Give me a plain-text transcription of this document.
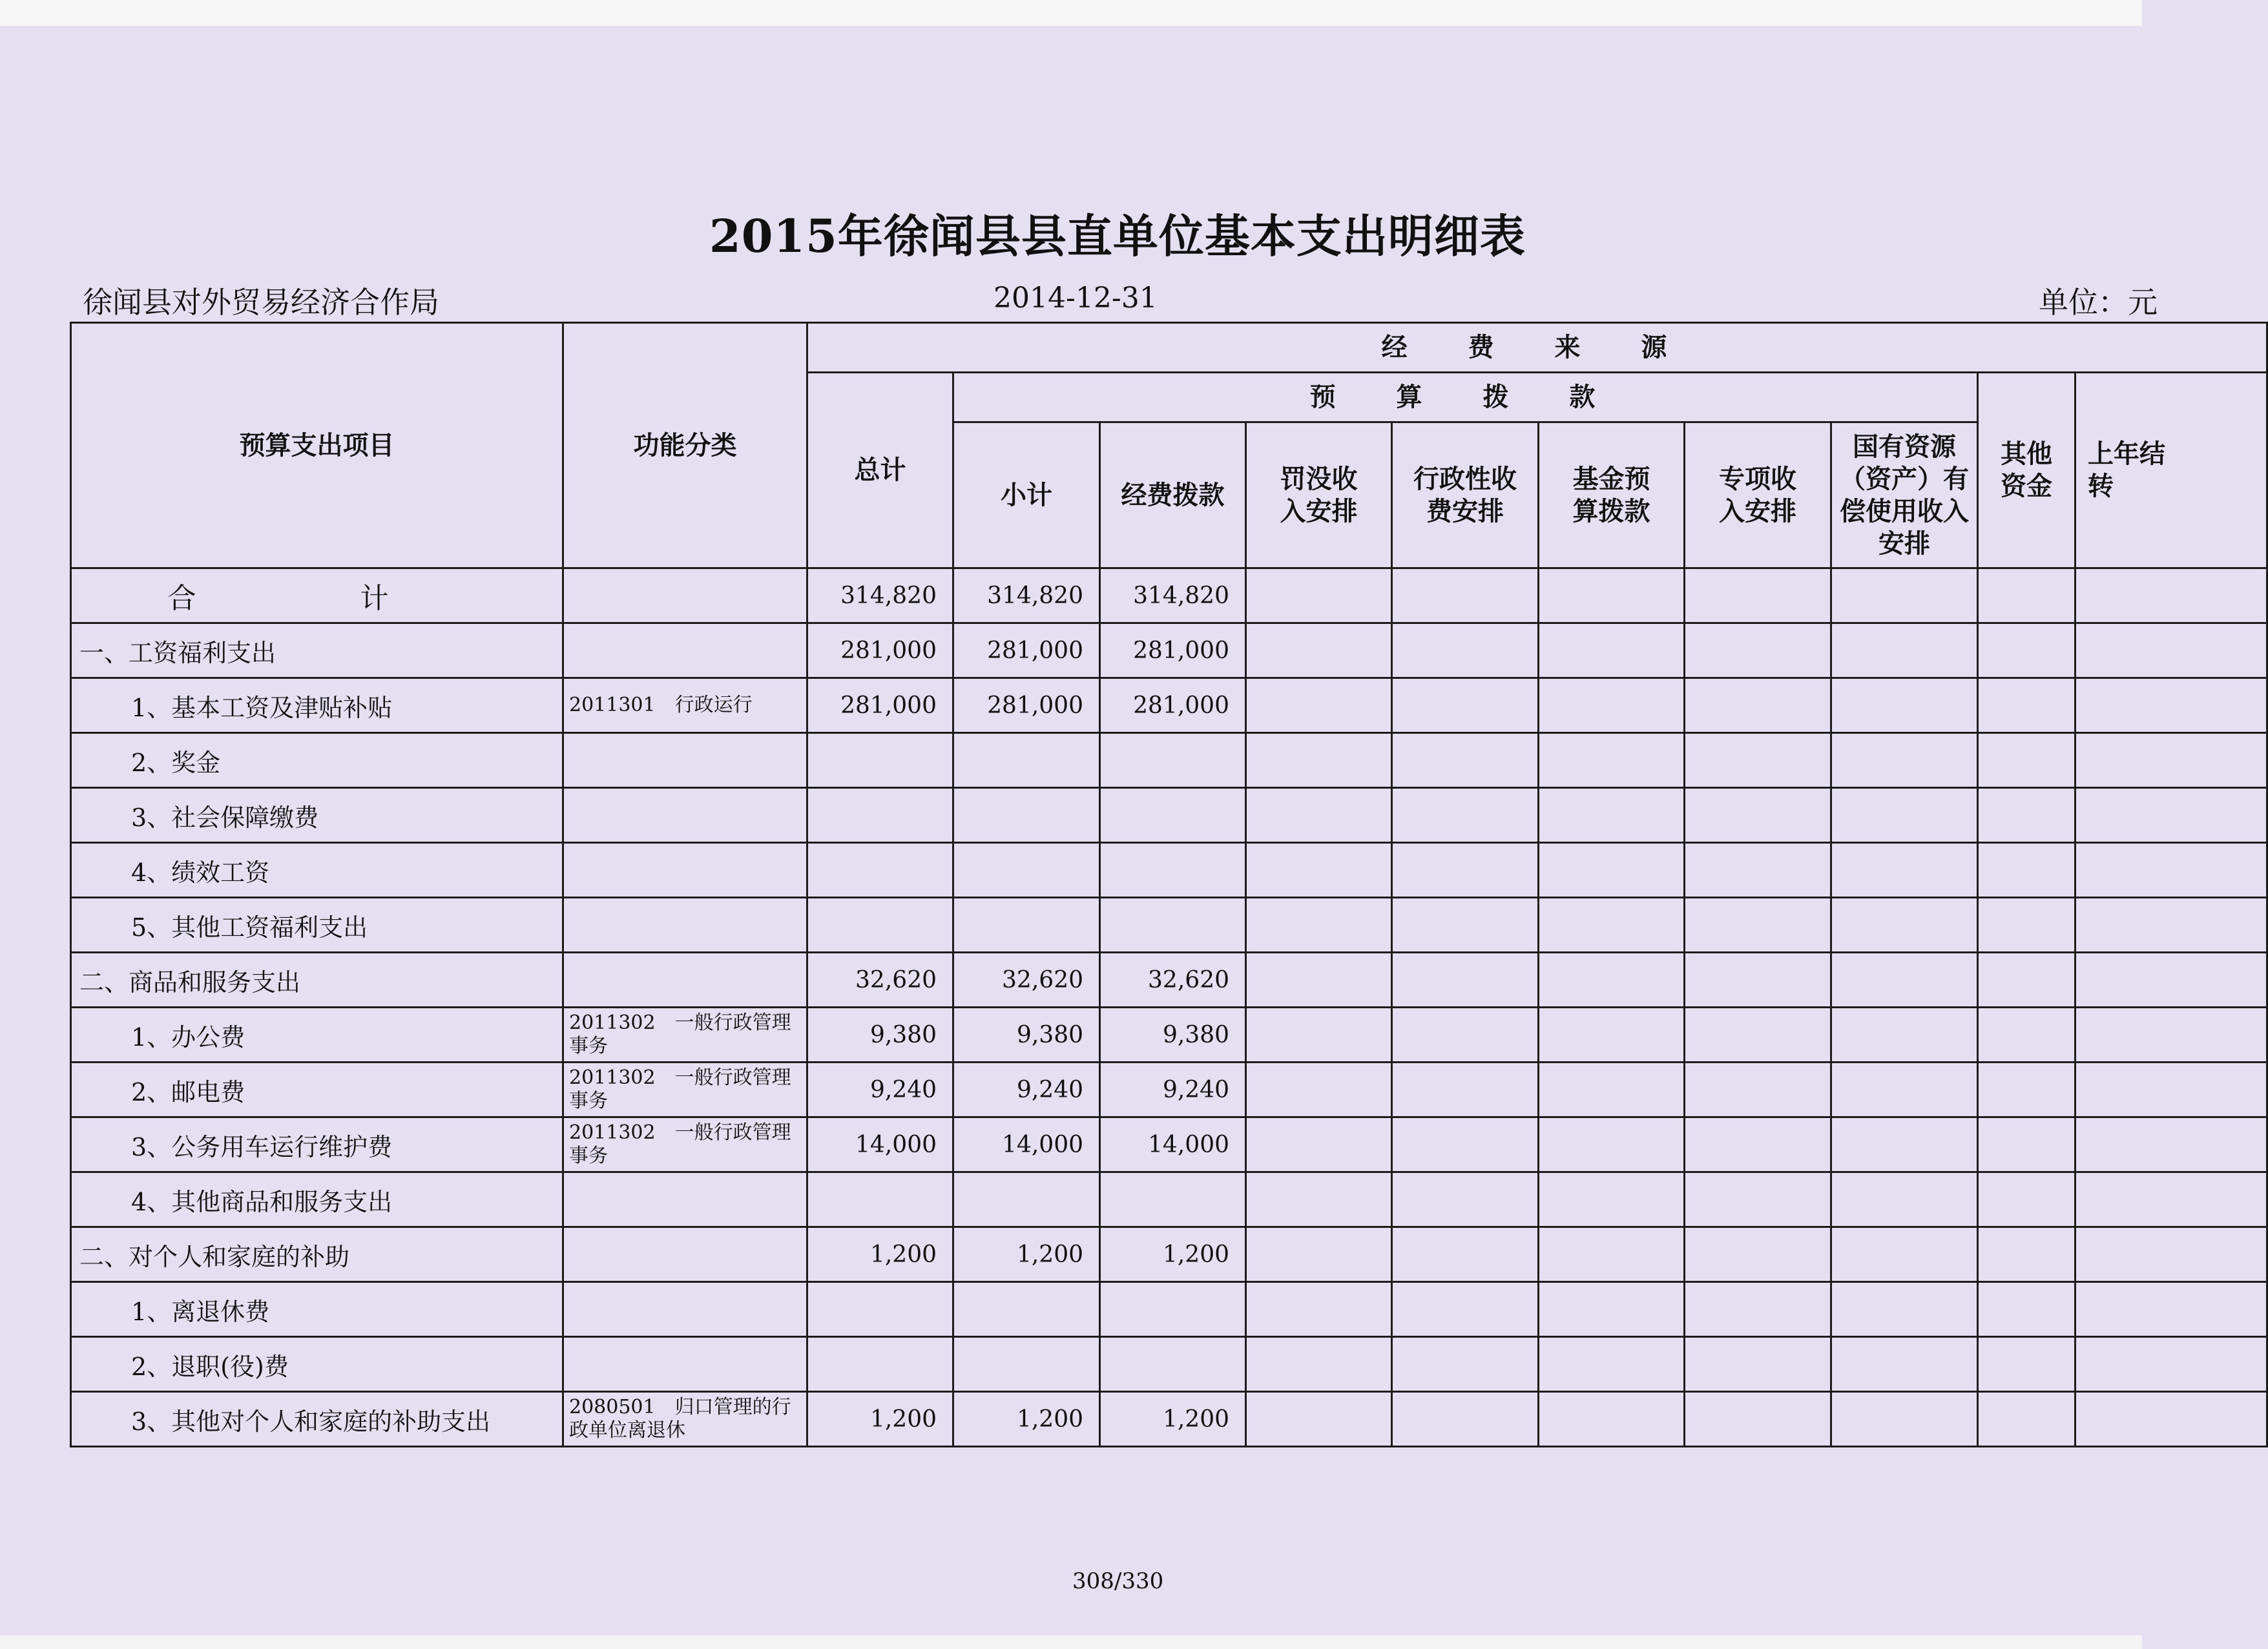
2015年徐闻县县直单位基本支出明细表
徐闻县对外贸易经济合作局	2014-12-31	单位：元
预算支出项目	功能分类	经 费 来 源									
		总计	预 算 拨 款							其他资金	上年结转
			小计	经费拨款	罚没收入安排	行政性收费安排	基金预算拨款	专项收入安排	国有资源（资产）有偿使用收入安排		
合 计		314,820	314,820	314,820							
一、工资福利支出		281,000	281,000	281,000							
1、基本工资及津贴补贴	2011301　行政运行	281,000	281,000	281,000							
2、奖金											
3、社会保障缴费											
4、绩效工资											
5、其他工资福利支出											
二、商品和服务支出		32,620	32,620	32,620							
1、办公费	2011302　一般行政管理事务	9,380	9,380	9,380							
2、邮电费	2011302　一般行政管理事务	9,240	9,240	9,240							
3、公务用车运行维护费	2011302　一般行政管理事务	14,000	14,000	14,000							
4、其他商品和服务支出											
二、对个人和家庭的补助		1,200	1,200	1,200							
1、离退休费											
2、退职(役)费											
3、其他对个人和家庭的补助支出	2080501　归口管理的行政单位离退休	1,200	1,200	1,200							
308/330
